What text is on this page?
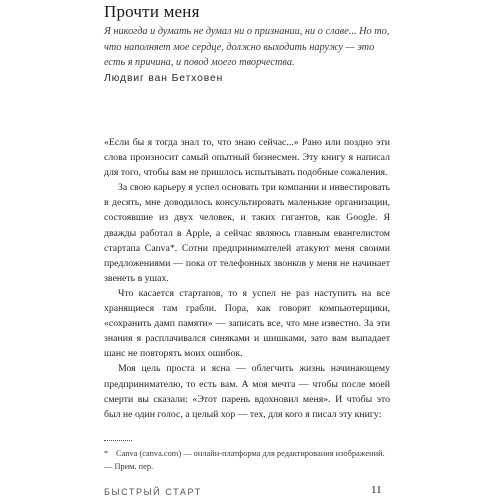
Прочти меня

Я никогда и думать не думал ни о признании, ни о славе... Но то, что наполняет мое сердце, должно выходить наружу — это есть я причина, и повод моего творчества.

Людвиг ван Бетховен

«Если бы я тогда знал то, что знаю сейчас...» Рано или поздно эти слова произносит самый опытный бизнесмен. Эту книгу я написал для того, чтобы вам не пришлось испытывать подобные сожаления.

За свою карьеру я успел основать три компании и инвестировать в десять, мне доводилось консультировать маленькие организации, состоявшие из двух человек, и таких гигантов, как Google. Я дважды работал в Apple, а сейчас являюсь главным евангелистом стартапа Canva*. Сотни предпринимателей атакуют меня своими предложениями — пока от телефонных звонков у меня не начинает звенеть в ушах.

Что касается стартапов, то я успел не раз наступить на все хранящиеся там грабли. Пора, как говорят компьютерщики, «сохранить дамп памяти» — записать все, что мне известно. За эти знания я расплачивался синяками и шишками, зато вам выпадает шанс не повторять моих ошибок.

Моя цель проста и ясна — облегчить жизнь начинающему предпринимателю, то есть вам. А моя мечта — чтобы после моей смерти вы сказали: «Этот парень вдохновил меня». И чтобы это был не один голос, а целый хор — тех, для кого я писал эту книгу:

* Canva (canva.com) — онлайн-платформа для редактирования изображений. — Прим. пер.
БЫСТРЫЙ СТАРТ	11
